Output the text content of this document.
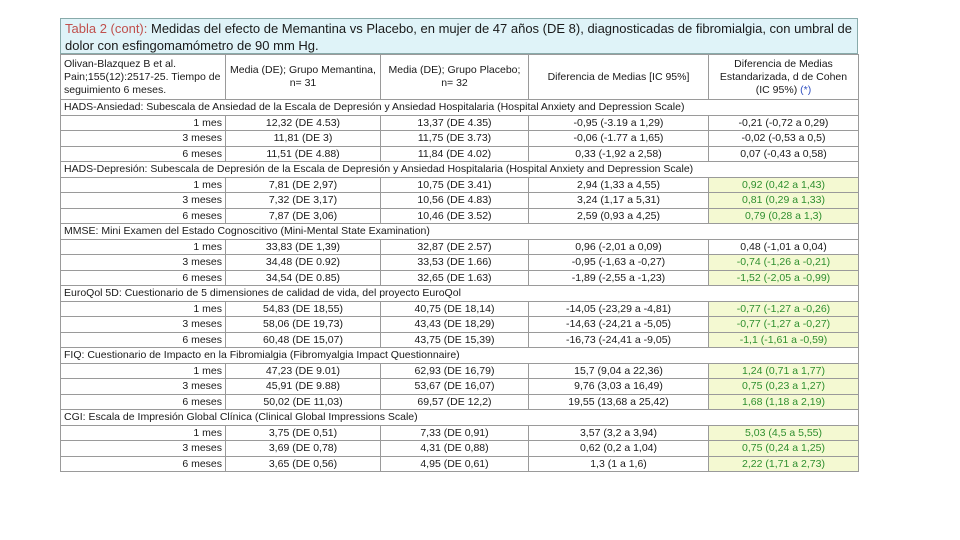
Tabla 2 (cont): Medidas del efecto de Memantina vs Placebo, en mujer de 47 años (DE 8), diagnosticadas de fibromialgia, con umbral de dolor con esfingomamómetro de 90 mm Hg.
Olivan-Blazquez B et al. Pain;155(12):2517-25. Tiempo de seguimiento 6 meses.	Media (DE); Grupo Memantina, n= 31	Media (DE); Grupo Placebo; n= 32	Diferencia de Medias [IC 95%]	Diferencia de Medias Estandarizada, d de Cohen (IC 95%) (*)
HADS-Ansiedad: Subescala de Ansiedad de la Escala de Depresión y Ansiedad Hospitalaria (Hospital Anxiety and Depression Scale)				
1 mes	12,32 (DE 4.53)	13,37 (DE 4.35)	-0,95 (-3.19 a 1,29)	-0,21 (-0,72 a 0,29)
3 meses	11,81 (DE 3)	11,75 (DE 3.73)	-0,06 (-1.77 a 1,65)	-0,02 (-0,53 a 0,5)
6 meses	11,51 (DE 4.88)	11,84 (DE 4.02)	0,33 (-1,92 a 2,58)	0,07 (-0,43 a 0,58)
HADS-Depresión: Subescala de Depresión de la Escala de Depresión y Ansiedad Hospitalaria (Hospital Anxiety and Depression Scale)				
1 mes	7,81 (DE 2,97)	10,75 (DE 3.41)	2,94 (1,33 a 4,55)	0,92 (0,42 a 1,43)
3 meses	7,32 (DE 3,17)	10,56 (DE 4.83)	3,24 (1,17 a 5,31)	0,81 (0,29 a 1,33)
6 meses	7,87 (DE 3,06)	10,46 (DE 3.52)	2,59 (0,93 a 4,25)	0,79 (0,28 a 1,3)
MMSE: Mini Examen del Estado Cognoscitivo (Mini-Mental State Examination)				
1 mes	33,83 (DE 1,39)	32,87 (DE 2.57)	0,96 (-2,01 a 0,09)	0,48 (-1,01 a 0,04)
3 meses	34,48 (DE 0.92)	33,53 (DE 1.66)	-0,95 (-1,63 a -0,27)	-0,74 (-1,26 a -0,21)
6 meses	34,54 (DE 0.85)	32,65 (DE 1.63)	-1,89 (-2,55 a -1,23)	-1,52 (-2,05 a -0,99)
EuroQol 5D: Cuestionario de 5 dimensiones de calidad de vida, del proyecto EuroQol				
1 mes	54,83 (DE 18,55)	40,75 (DE 18,14)	-14,05 (-23,29 a -4,81)	-0,77 (-1,27 a -0,26)
3 meses	58,06 (DE 19,73)	43,43 (DE 18,29)	-14,63 (-24,21 a -5,05)	-0,77 (-1,27 a -0,27)
6 meses	60,48 (DE 15,07)	43,75 (DE 15,39)	-16,73 (-24,41 a -9,05)	-1,1 (-1,61 a -0,59)
FIQ: Cuestionario de Impacto en la Fibromialgia (Fibromyalgia Impact Questionnaire)				
1 mes	47,23 (DE 9.01)	62,93 (DE 16,79)	15,7 (9,04 a 22,36)	1,24 (0,71 a 1,77)
3 meses	45,91 (DE 9.88)	53,67 (DE 16,07)	9,76 (3,03 a 16,49)	0,75 (0,23 a 1,27)
6 meses	50,02 (DE 11,03)	69,57 (DE 12,2)	19,55 (13,68 a 25,42)	1,68 (1,18 a 2,19)
CGI: Escala de Impresión Global Clínica (Clinical Global Impressions Scale)				
1 mes	3,75 (DE 0,51)	7,33 (DE 0,91)	3,57 (3,2 a 3,94)	5,03 (4,5 a 5,55)
3 meses	3,69 (DE 0,78)	4,31 (DE 0,88)	0,62 (0,2 a 1,04)	0,75 (0,24 a 1,25)
6 meses	3,65 (DE 0,56)	4,95 (DE 0,61)	1,3 (1 a 1,6)	2,22 (1,71 a 2,73)
